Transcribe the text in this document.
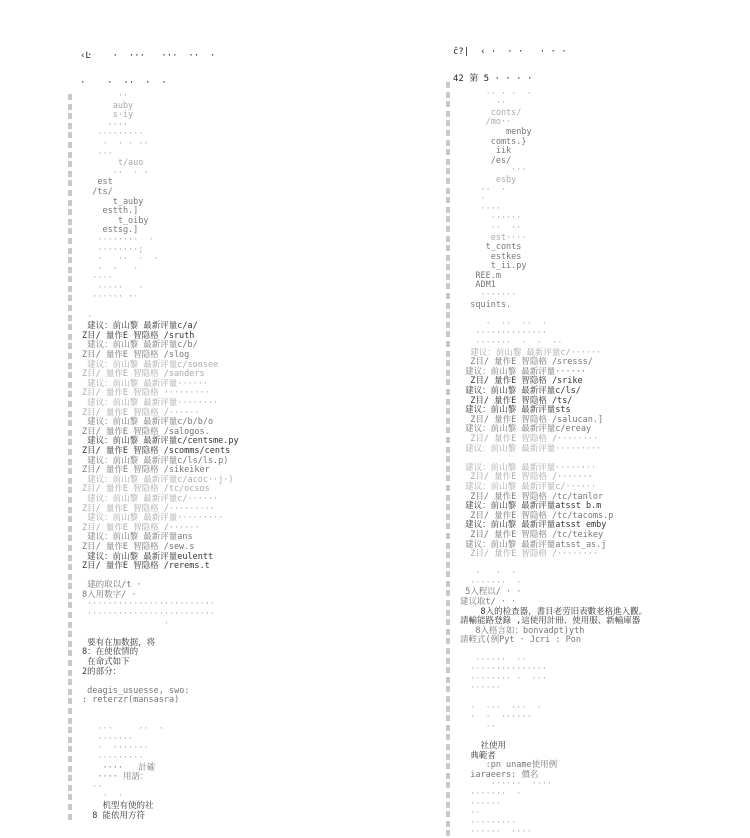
‹Ŀ    ·  ···   ···  ··  ·

·    ·  ··  ·  ·

··
auby
s·iy
····
·········
·  · · ··
···
t/auo
··  · ·
est
/ts/
t_auby
estth.]
t_oiby
estsg.]
········  ·
········;
·   ··  ·  ·
·  ·   ·
····
·····   ·
······ ··
·
建议：前山黎 最新评量c/a/
Z目/ 量作E 智隐格 /sruth
建议：前山黎 最新评量c/b/
Z目/ 量作E 智隐格 /slog
建议：前山黎 最新评量c/sonsee
Z目/ 量作E 智隐格 /sanders
建议：前山黎 最新评量······
Z目/ 量作E 智隐格 ·········
建议：前山黎 最新评量········
Z目/ 量作E 智隐格 /······
建议：前山黎 最新评量c/b/b/o
Z目/ 量作E 智隐格 /salogos.
建议：前山黎 最新评量c/centsme.py
Z目/ 量作E 智隐格 /scomms/cents
建议：前山黎 最新评量c/ls/ls.p)
Z目/ 量作E 智隐格 /sikeiker
建议：前山黎 最新评量c/acoc··j·)
Z目/ 量作E 智隐格 /tc/ocsos
建议：前山黎 最新评量c/······
Z目/ 量作E 智隐格 /·········
建议：前山黎 最新评量·········
Z目/ 量作E 智隐格 /······
建议：前山黎 最新评量ans
Z目/ 量作E 智隐格 /sew.s
建议：前山黎 最新评量eulentt
Z目/ 量作E 智隐格 /rerems.t
建的取以/t ·
8入用数字/ ·
·························
·························
·
要有在加数据，将
8：在使依情的
在命式如下
2的部分：
deagis_usuesse, swo:
: reterzr(mansasra)
···     ··  ·
·······
·  ·······
·········
····   計確
···· 用語：
··
·  ·
机型有使的社
8 能依用方符

ĉ?|  ‹ ·  · ·   · · ·

42 第 5 · · · ·

·· · ·  ·
··
conts/
/mo··
menby
comts.}
iik
/es/
···
esby
··  ·
·
····
······
··  ··
est····
t_conts
estkes
t_ii.py
REE.m
ADM1
·······
squints.
·  ··  ··  ·
··············
·······  ·  ·  ··
建议：前山黎 最新评量c/······
Z目/ 量作E 智隐格 /sresss/
建议：前山黎 最新评量······
Z目/ 量作E 智隐格 /srike
建议：前山黎 最新评量c/ls/
Z目/ 量作E 智隐格 /ts/
建议：前山黎 最新评量sts
Z目/ 量作E 智隐格 /salucan.]
建议：前山黎 最新评量c/ereay
Z目/ 量作E 智隐格 /········
建议：前山黎 最新评量·········
建议：前山黎 最新评量········
Z目/ 量作E 智隐格 /·······
建议：前山黎 最新评量c/······
Z目/ 量作E 智隐格 /tc/tanlor
建议：前山黎 最新评量atsst b.m
Z目/ 量作E 智隐格 /tc/tacoms.p
建议：前山黎 最新评量atsst emby
Z目/ 量作E 智隐格 /tc/teikey
建议：前山黎 最新评量atsst_as.j
Z目/ 量作E 智隐格 /········
·   ·  ·
·······  ·
5入程以/ · ·
建议取t/ · ·
8入的检查器，書目老劳旧表數老格進入觀。
請輸能路登錄 ,這使用計冊、使用服、新輸庫器
8入格言如：bonvadpt)yth
請輕式(例Pyt · Jcri : Pon
······  ··
···············
········ ·  ···
······
·  ···  ···  ·
·  ·  ······
··
社使用
典範者
:pn uname使用例
iaraeers: 價名
······  ····
·······  ·
······
··
·········
······  ····
